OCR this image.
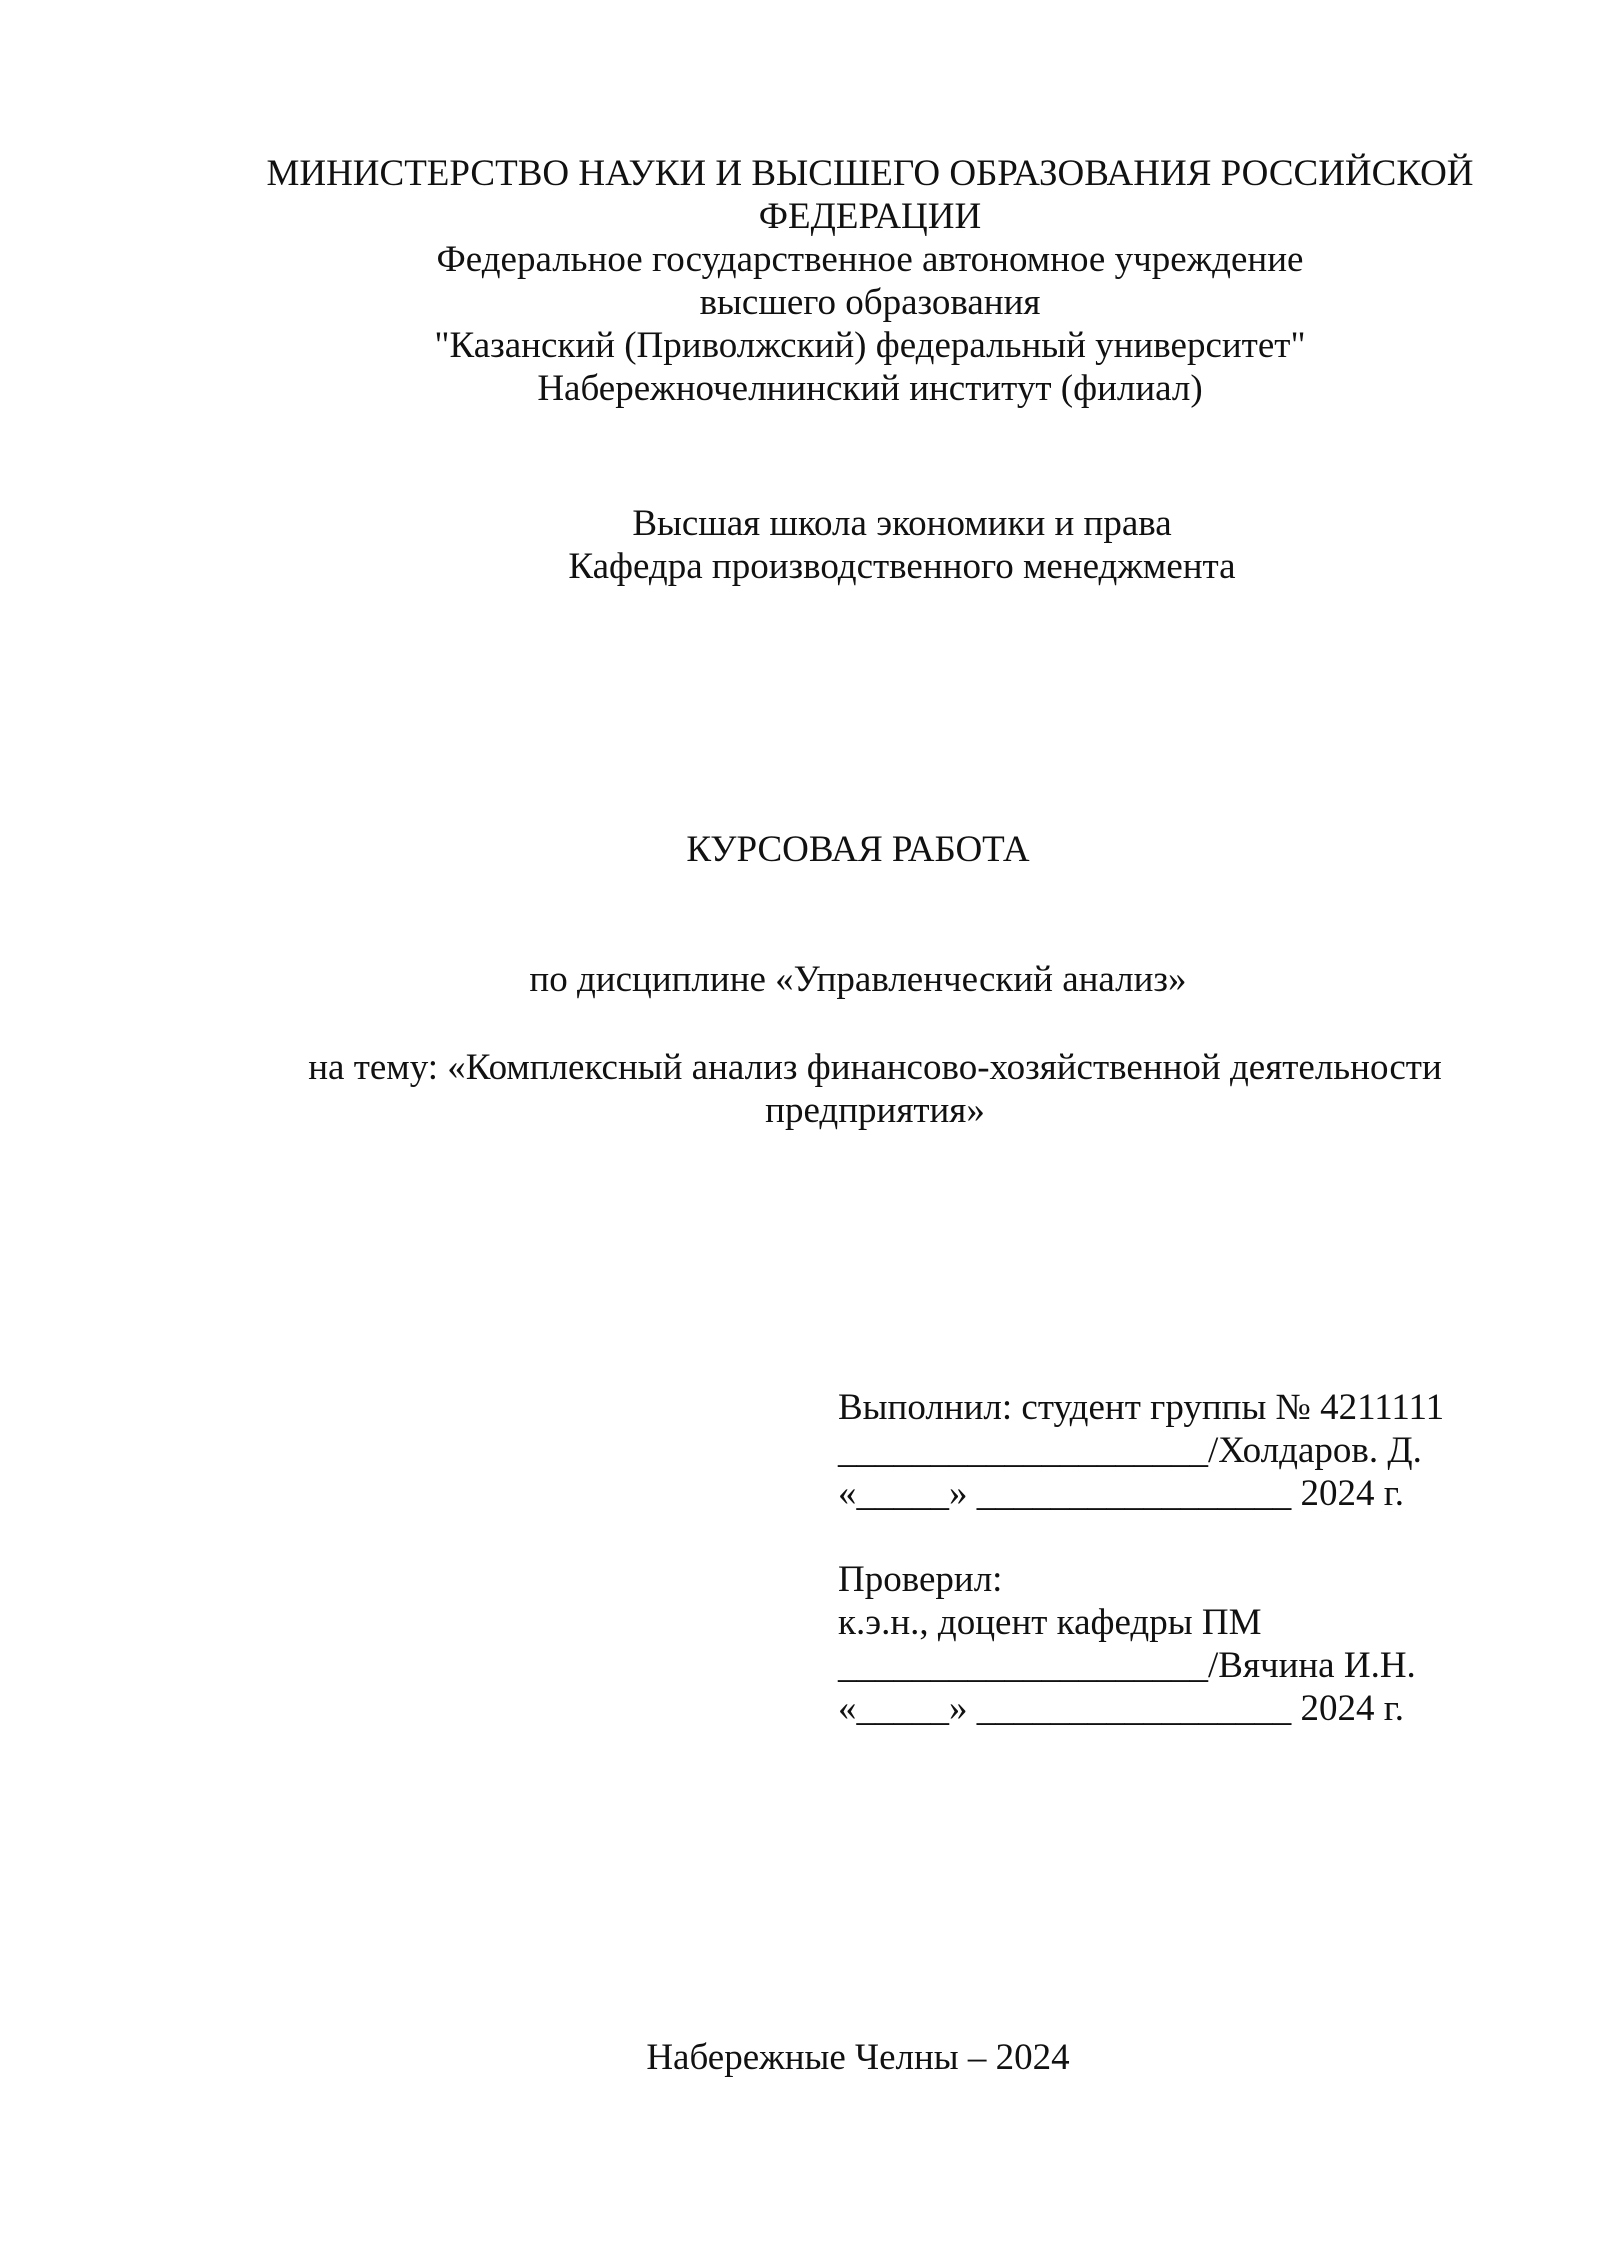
МИНИСТЕРСТВО НАУКИ И ВЫСШЕГО ОБРАЗОВАНИЯ РОССИЙСКОЙ
ФЕДЕРАЦИИ
Федеральное государственное автономное учреждение
высшего образования
"Казанский (Приволжский) федеральный университет"
Набережночелнинский институт (филиал)
Высшая школа экономики и права
Кафедра производственного менеджмента
КУРСОВАЯ РАБОТА
по дисциплине «Управленческий анализ»
на тему: «Комплексный анализ финансово-хозяйственной деятельности
предприятия»
Выполнил: студент группы № 4211111
____________________/Холдаров. Д.
«_____» _________________ 2024 г.
Проверил:
к.э.н., доцент кафедры ПМ
____________________/Вячина И.Н.
«_____» _________________ 2024 г.
Набережные Челны – 2024
